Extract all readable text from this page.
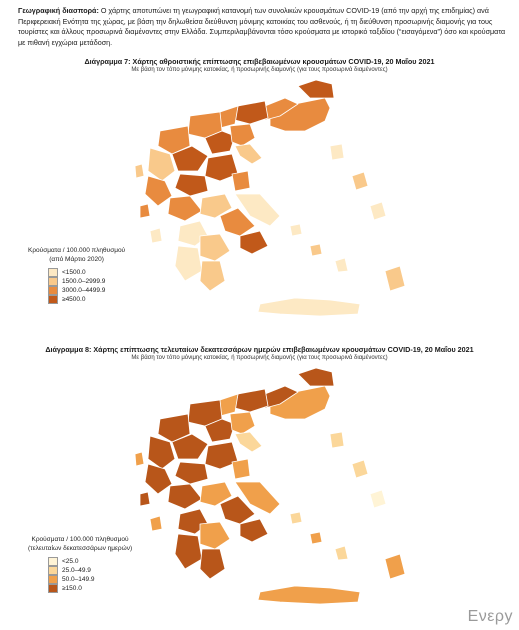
Γεωγραφική διασπορά: Ο χάρτης αποτυπώνει τη γεωγραφική κατανομή των συνολικών κρουσμάτων COVID-19 (από την αρχή της επιδημίας) ανά Περιφερειακή Ενότητα της χώρας, με βάση την δηλωθείσα διεύθυνση μόνιμης κατοικίας του ασθενούς, ή τη διεύθυνση προσωρινής διαμονής για τους τουρίστες και άλλους προσωρινά διαμένοντες στην Ελλάδα. Συμπεριλαμβάνονται τόσο κρούσματα με ιστορικό ταξιδίου (“εισαγόμενα”) όσο και κρούσματα με πιθανή εγχώρια μετάδοση.
Διάγραμμα 7: Χάρτης αθροιστικής επίπτωσης επιβεβαιωμένων κρουσμάτων COVID-19, 20 Μαΐου 2021
Με βάση τον τόπο μόνιμης κατοικίας, ή προσωρινής διαμονής (για τους προσωρινά διαμένοντες)
Κρούσματα / 100.000 πληθυσμού
(από Μάρτιο 2020)
<1500.0
1500.0–2999.9
3000.0–4499.9
≥4500.0
Διάγραμμα 8: Χάρτης επίπτωσης τελευταίων δεκατεσσάρων ημερών επιβεβαιωμένων κρουσμάτων COVID-19, 20 Μαΐου 2021
Με βάση τον τόπο μόνιμης κατοικίας, ή προσωρινής διαμονής (για τους προσωρινά διαμένοντες)
Κρούσματα / 100.000 πληθυσμού
(τελευταίων δεκατεσσάρων ημερών)
<25.0
25.0–49.9
50.0–149.9
≥150.0
Ενερy
